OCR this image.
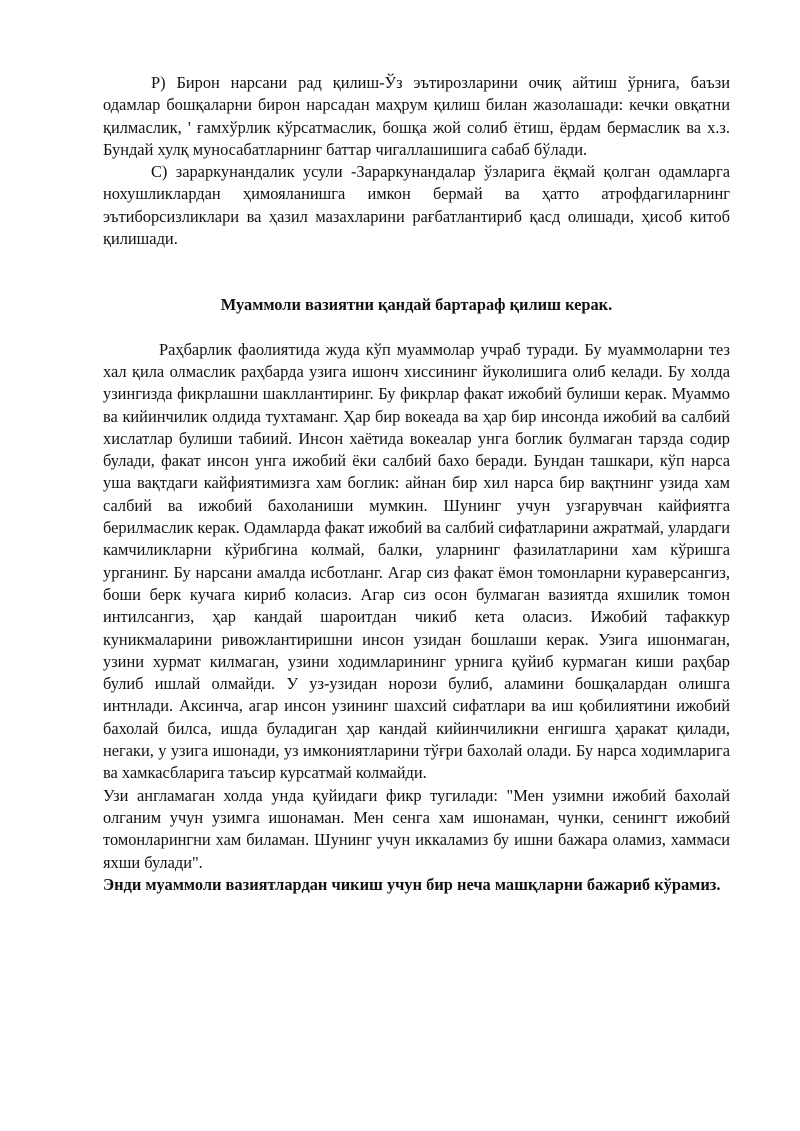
Р) Бирон нарсани рад қилиш-Ўз эътирозларини очиқ айтиш ўрнига, баъзи одамлар бошқаларни бирон нарсадан маҳрум қилиш билан жазолашади: кечки овқатни қилмаслик, ' ғамхўрлик кўрсатмаслик, бошқа жой солиб ётиш, ёрдам бермаслик ва х.з. Бундай хулқ муносабатларнинг баттар чигаллашишига сабаб бўлади.

С) зараркунандалик усули -Зараркунандалар ўзларига ёқмай қолган одамларга нохушликлардан ҳимояланишга имкон бермай ва ҳатто атрофдагиларнинг эътиборсизликлари ва ҳазил мазахларини рағбатлантириб қасд олишади, ҳисоб китоб қилишади.

Муаммоли вазиятни қандай бартараф қилиш керак.

Раҳбарлик фаолиятида жуда кўп муаммолар учраб туради. Бу муаммоларни тез хал қила олмаслик раҳбарда узига ишонч хиссининг йуколишига олиб келади. Бу холда узингизда фикрлашни шакллантиринг. Бу фикрлар факат ижобий булиши керак. Муаммо ва кийинчилик олдида тухтаманг. Ҳар бир вокеада ва ҳар бир инсонда ижобий ва салбий хислатлар булиши табиий. Инсон хаётида вокеалар унга боглик булмаган тарзда содир булади, факат инсон унга ижобий ёки салбий бахо беради. Бундан ташкари, кўп нарса уша вақтдаги кайфиятимизга хам боглик: айнан бир хил нарса бир вақтнинг узида хам салбий ва ижобий бахоланиши мумкин. Шунинг учун узгарувчан кайфиятга берилмаслик керак. Одамларда факат ижобий ва салбий сифатларини ажратмай, улардаги камчиликларни кўрибгина колмай, балки, уларнинг фазилатларини хам кўришга урганинг. Бу нарсани амалда исботланг. Агар сиз факат ёмон томонларни куравeрсангиз, боши берк кучага кириб коласиз. Агар сиз осон булмаган вазиятда яхшилик томон интилсангиз, ҳар кандай шароитдан чикиб кета оласиз. Ижобий тафаккур куникмаларини ривожлантиришни инсон узидан бошлаши керак. Узига ишонмаган, узини хурмат килмаган, узини ходимларининг урнига қуйиб курмаган киши раҳбар булиб ишлай олмайди. У уз-узидан норози булиб, аламини бошқалардан олишга интнлади. Аксинча, агар инсон узининг шахсий сифатлари ва иш қобилиятини ижобий бахолай билса, ишда буладиган ҳар кандай кийинчиликни енгишга ҳаракат қилади, негаки, у узига ишонади, уз имкониятларини тўғри бахолай олади. Бу нарса ходимларига ва хамкасбларига таъсир курсатмай колмайди.

Узи англамаган холда унда қуйидаги фикр тугилади: "Мен узимни ижобий бахолай олганим учун узимга ишонаман. Мен сенга хам ишонаман, чунки, сенингт ижобий томонларингни хам биламан. Шунинг учун иккаламиз бу ишни бажара оламиз, хаммаси яхши булади".

Энди муаммоли вазиятлардан чикиш учун бир неча машқларни бажариб кўрамиз.
